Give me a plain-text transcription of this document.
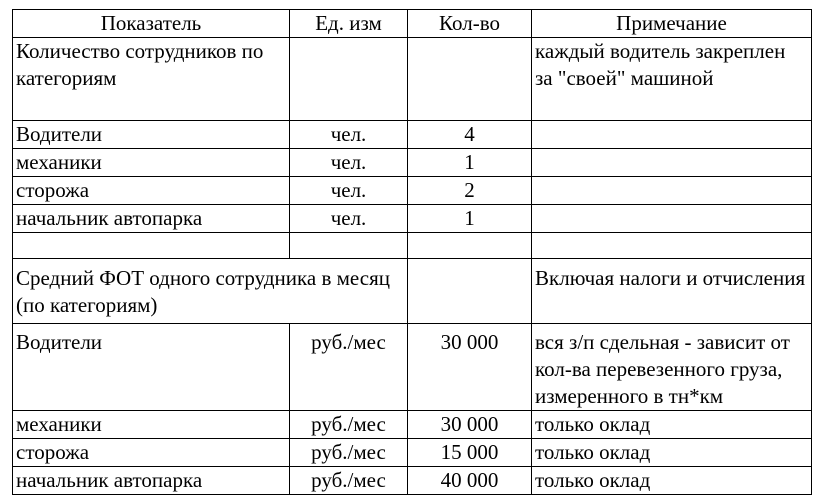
Показатель	Ед. изм	Кол-во	Примечание
Количество сотрудников по категориям			каждый водитель закреплен за "своей" машиной
Водители	чел.	4	
механики	чел.	1	
сторожа	чел.	2	
начальник автопарка	чел.	1	

Средний ФОТ одного сотрудника в месяц (по категориям)			Включая налоги и отчисления
Водители	руб./мес	30 000	вся з/п сдельная - зависит от кол-ва перевезенного груза, измеренного в тн*км
механики	руб./мес	30 000	только оклад
сторожа	руб./мес	15 000	только оклад
начальник автопарка	руб./мес	40 000	только оклад
